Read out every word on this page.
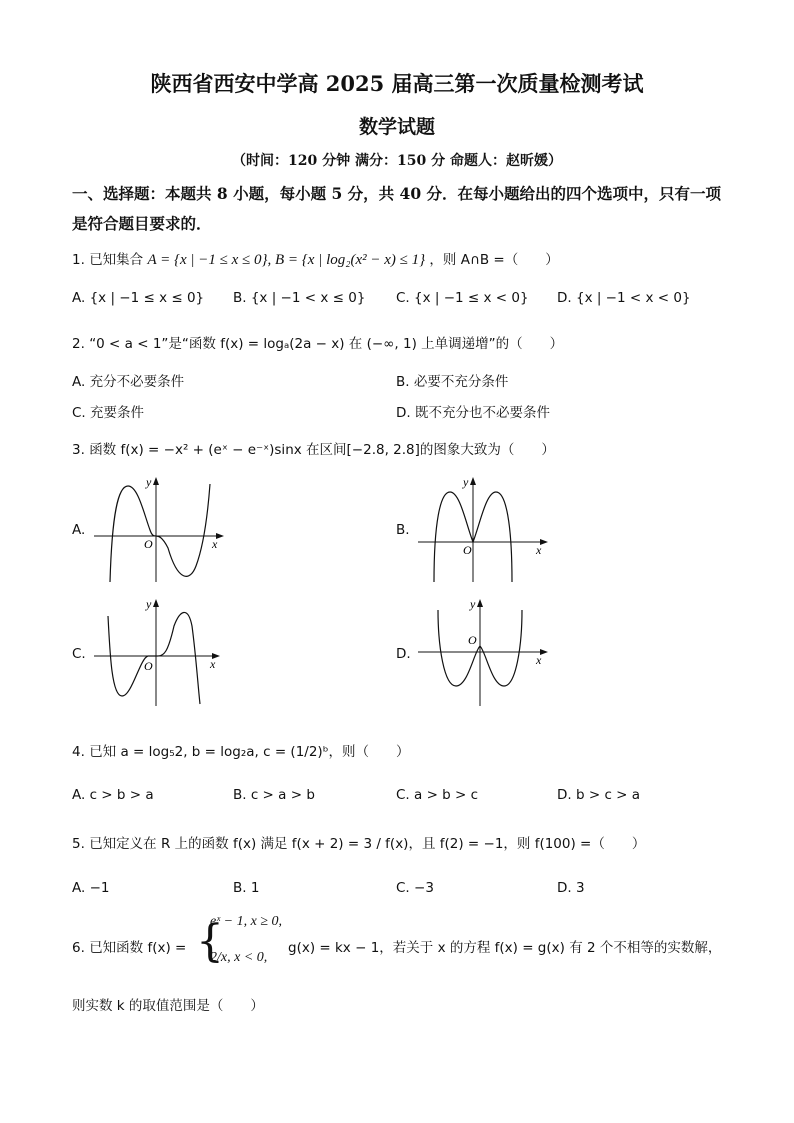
陕西省西安中学高 2025 届高三第一次质量检测考试
数学试题
（时间：120 分钟 满分：150 分 命题人：赵昕媛）
一、选择题：本题共 8 小题，每小题 5 分，共 40 分．在每小题给出的四个选项中，只有一项
是符合题目要求的．
1. 已知集合 A = {x | −1 ≤ x ≤ 0}, B = {x | log₂(x² − x) ≤ 1} ，则 A∩B =（　　）
A. {x | −1 ≤ x ≤ 0} B. {x | −1 < x ≤ 0} C. {x | −1 ≤ x < 0} D. {x | −1 < x < 0}
2. “0 < a < 1”是“函数 f(x) = logₐ(2a − x) 在 (−∞, 1) 上单调递增”的（　　）
A. 充分不必要条件	B. 必要不充分条件
C. 充要条件	D. 既不充分也不必要条件
3. 函数 f(x) = −x² + (eˣ − e⁻ˣ)sinx 在区间[−2.8, 2.8]的图象大致为（　　）
A.	B.
C.	D.
y
x
O
y
x
O
y
x
O
y
x
O
4. 已知 a = log₅2, b = log₂a, c = (1/2)ᵇ，则（　　）
A. c > b > a	B. c > a > b	C. a > b > c	D. b > c > a
5. 已知定义在 R 上的函数 f(x) 满足 f(x + 2) = 3 / f(x)，且 f(2) = −1，则 f(100) =（　　）
A. −1	B. 1	C. −3	D. 3
6. 已知函数 f(x) = {
eˣ − 1, x ≥ 0,
2/x, x < 0,
g(x) = kx − 1，若关于 x 的方程 f(x) = g(x) 有 2 个不相等的实数解，
则实数 k 的取值范围是（　　）
